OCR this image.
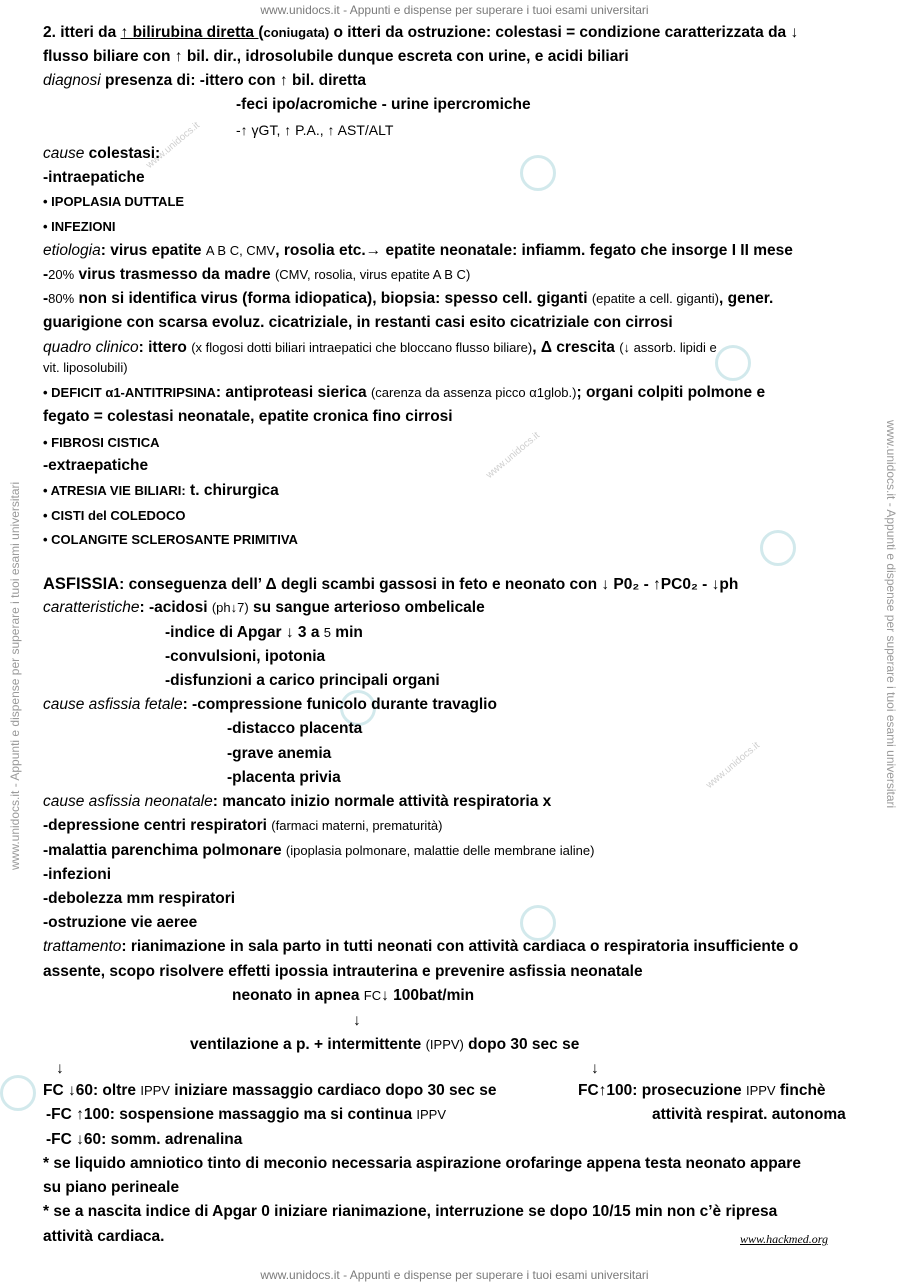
www.unidocs.it - Appunti e dispense per superare i tuoi esami universitari
www.unidocs.it - Appunti e dispense per superare i tuoi esami universitari
www.unidocs.it - Appunti e dispense per superare i tuoi esami universitari	www.unidocs.it - Appunti e dispense per superare i tuoi esami universitari
www.unidocs.it
www.unidocs.it
www.unidocs.it
2. itteri da ↑ bilirubina diretta (coniugata) o itteri da ostruzione: colestasi = condizione caratterizzata da ↓
flusso biliare con ↑ bil. dir., idrosolubile dunque escreta con urine, e acidi biliari
diagnosi presenza di: -ittero con ↑ bil. diretta
-feci ipo/acromiche - urine ipercromiche
-↑ γGT, ↑ P.A., ↑ AST/ALT
cause colestasi:
-intraepatiche
• IPOPLASIA DUTTALE
• INFEZIONI
etiologia: virus epatite A B C, CMV, rosolia etc.→ epatite neonatale: infiamm. fegato che insorge I II mese
-20% virus trasmesso da madre (CMV, rosolia, virus epatite A B C)
-80% non si identifica virus (forma idiopatica), biopsia: spesso cell. giganti (epatite a cell. giganti), gener.
guarigione con scarsa evoluz. cicatriziale, in restanti casi esito cicatriziale con cirrosi
quadro clinico: ittero (x flogosi dotti biliari intraepatici che bloccano flusso biliare), Δ crescita (↓ assorb. lipidi e
vit. liposolubili)
• DEFICIT α1-ANTITRIPSINA: antiproteasi sierica (carenza da assenza picco α1glob.); organi colpiti polmone e
fegato = colestasi neonatale, epatite cronica fino cirrosi
• FIBROSI CISTICA
-extraepatiche
• ATRESIA VIE BILIARI: t. chirurgica
• CISTI del COLEDOCO
• COLANGITE SCLEROSANTE PRIMITIVA
ASFISSIA: conseguenza dell’ Δ degli scambi gassosi in feto e neonato con ↓ P0₂ - ↑PC0₂ - ↓ph
caratteristiche: -acidosi (ph↓7) su sangue arterioso ombelicale
-indice di Apgar ↓ 3 a 5 min
-convulsioni, ipotonia
-disfunzioni a carico principali organi
cause asfissia fetale: -compressione funicolo durante travaglio
-distacco placenta
-grave anemia
-placenta privia
cause asfissia neonatale: mancato inizio normale attività respiratoria x
-depressione centri respiratori (farmaci materni, prematurità)
-malattia parenchima polmonare (ipoplasia polmonare, malattie delle membrane ialine)
-infezioni
-debolezza mm respiratori
-ostruzione vie aeree
trattamento: rianimazione in sala parto in tutti neonati con attività cardiaca o respiratoria insufficiente o
assente, scopo risolvere effetti ipossia intrauterina e prevenire asfissia neonatale
neonato in apnea FC↓ 100bat/min
↓
ventilazione a p. + intermittente (IPPV) dopo 30 sec se
↓	↓
FC ↓60: oltre IPPV iniziare massaggio cardiaco dopo 30 sec se	FC↑100: prosecuzione IPPV finchè
-FC ↑100: sospensione massaggio ma si continua IPPV	attività respirat. autonoma
-FC ↓60: somm. adrenalina
* se liquido amniotico tinto di meconio necessaria aspirazione orofaringe appena testa neonato appare
su piano perineale
* se a nascita indice di Apgar 0 iniziare rianimazione, interruzione se dopo 10/15 min non c’è ripresa
attività cardiaca.	www.hackmed.org
